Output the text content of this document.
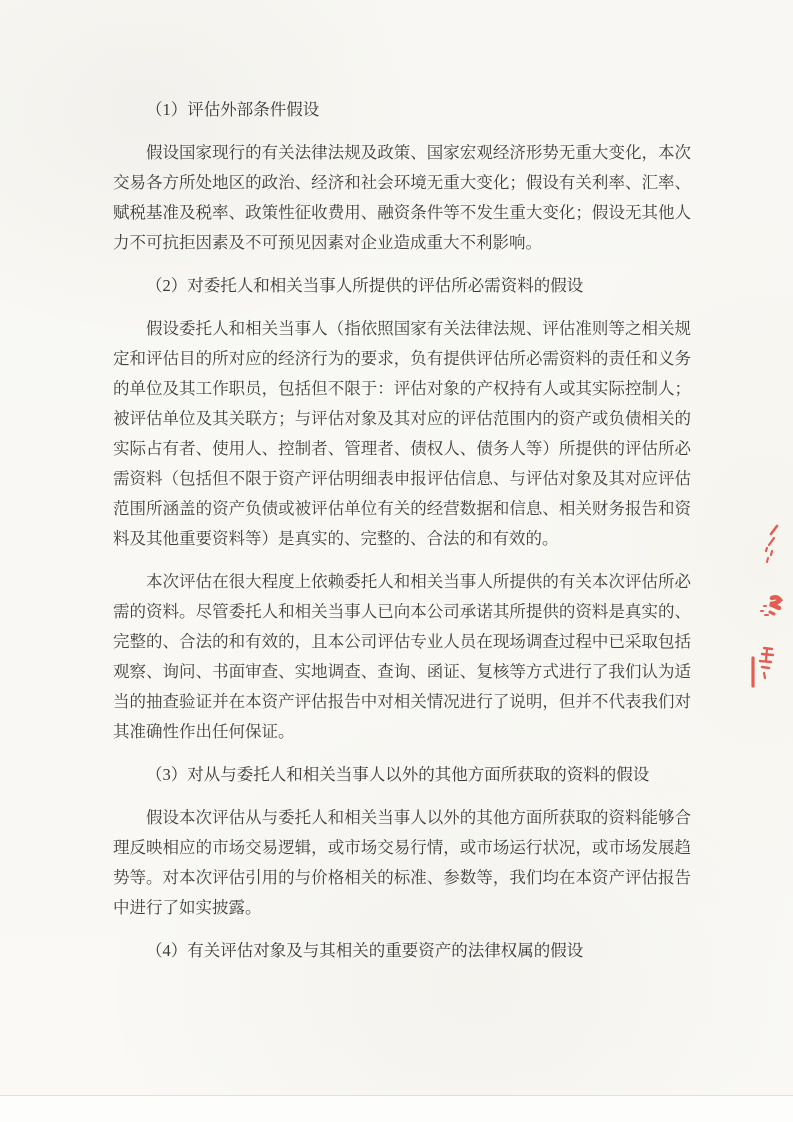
（1）评估外部条件假设
假设国家现行的有关法律法规及政策、国家宏观经济形势无重大变化，本次交易各方所处地区的政治、经济和社会环境无重大变化；假设有关利率、汇率、赋税基准及税率、政策性征收费用、融资条件等不发生重大变化；假设无其他人力不可抗拒因素及不可预见因素对企业造成重大不利影响。
（2）对委托人和相关当事人所提供的评估所必需资料的假设
假设委托人和相关当事人（指依照国家有关法律法规、评估准则等之相关规定和评估目的所对应的经济行为的要求，负有提供评估所必需资料的责任和义务的单位及其工作职员，包括但不限于：评估对象的产权持有人或其实际控制人；被评估单位及其关联方；与评估对象及其对应的评估范围内的资产或负债相关的实际占有者、使用人、控制者、管理者、债权人、债务人等）所提供的评估所必需资料（包括但不限于资产评估明细表申报评估信息、与评估对象及其对应评估范围所涵盖的资产负债或被评估单位有关的经营数据和信息、相关财务报告和资料及其他重要资料等）是真实的、完整的、合法的和有效的。
本次评估在很大程度上依赖委托人和相关当事人所提供的有关本次评估所必需的资料。尽管委托人和相关当事人已向本公司承诺其所提供的资料是真实的、完整的、合法的和有效的，且本公司评估专业人员在现场调查过程中已采取包括观察、询问、书面审查、实地调查、查询、函证、复核等方式进行了我们认为适当的抽查验证并在本资产评估报告中对相关情况进行了说明，但并不代表我们对其准确性作出任何保证。
（3）对从与委托人和相关当事人以外的其他方面所获取的资料的假设
假设本次评估从与委托人和相关当事人以外的其他方面所获取的资料能够合理反映相应的市场交易逻辑，或市场交易行情，或市场运行状况，或市场发展趋势等。对本次评估引用的与价格相关的标准、参数等，我们均在本资产评估报告中进行了如实披露。
（4）有关评估对象及与其相关的重要资产的法律权属的假设
